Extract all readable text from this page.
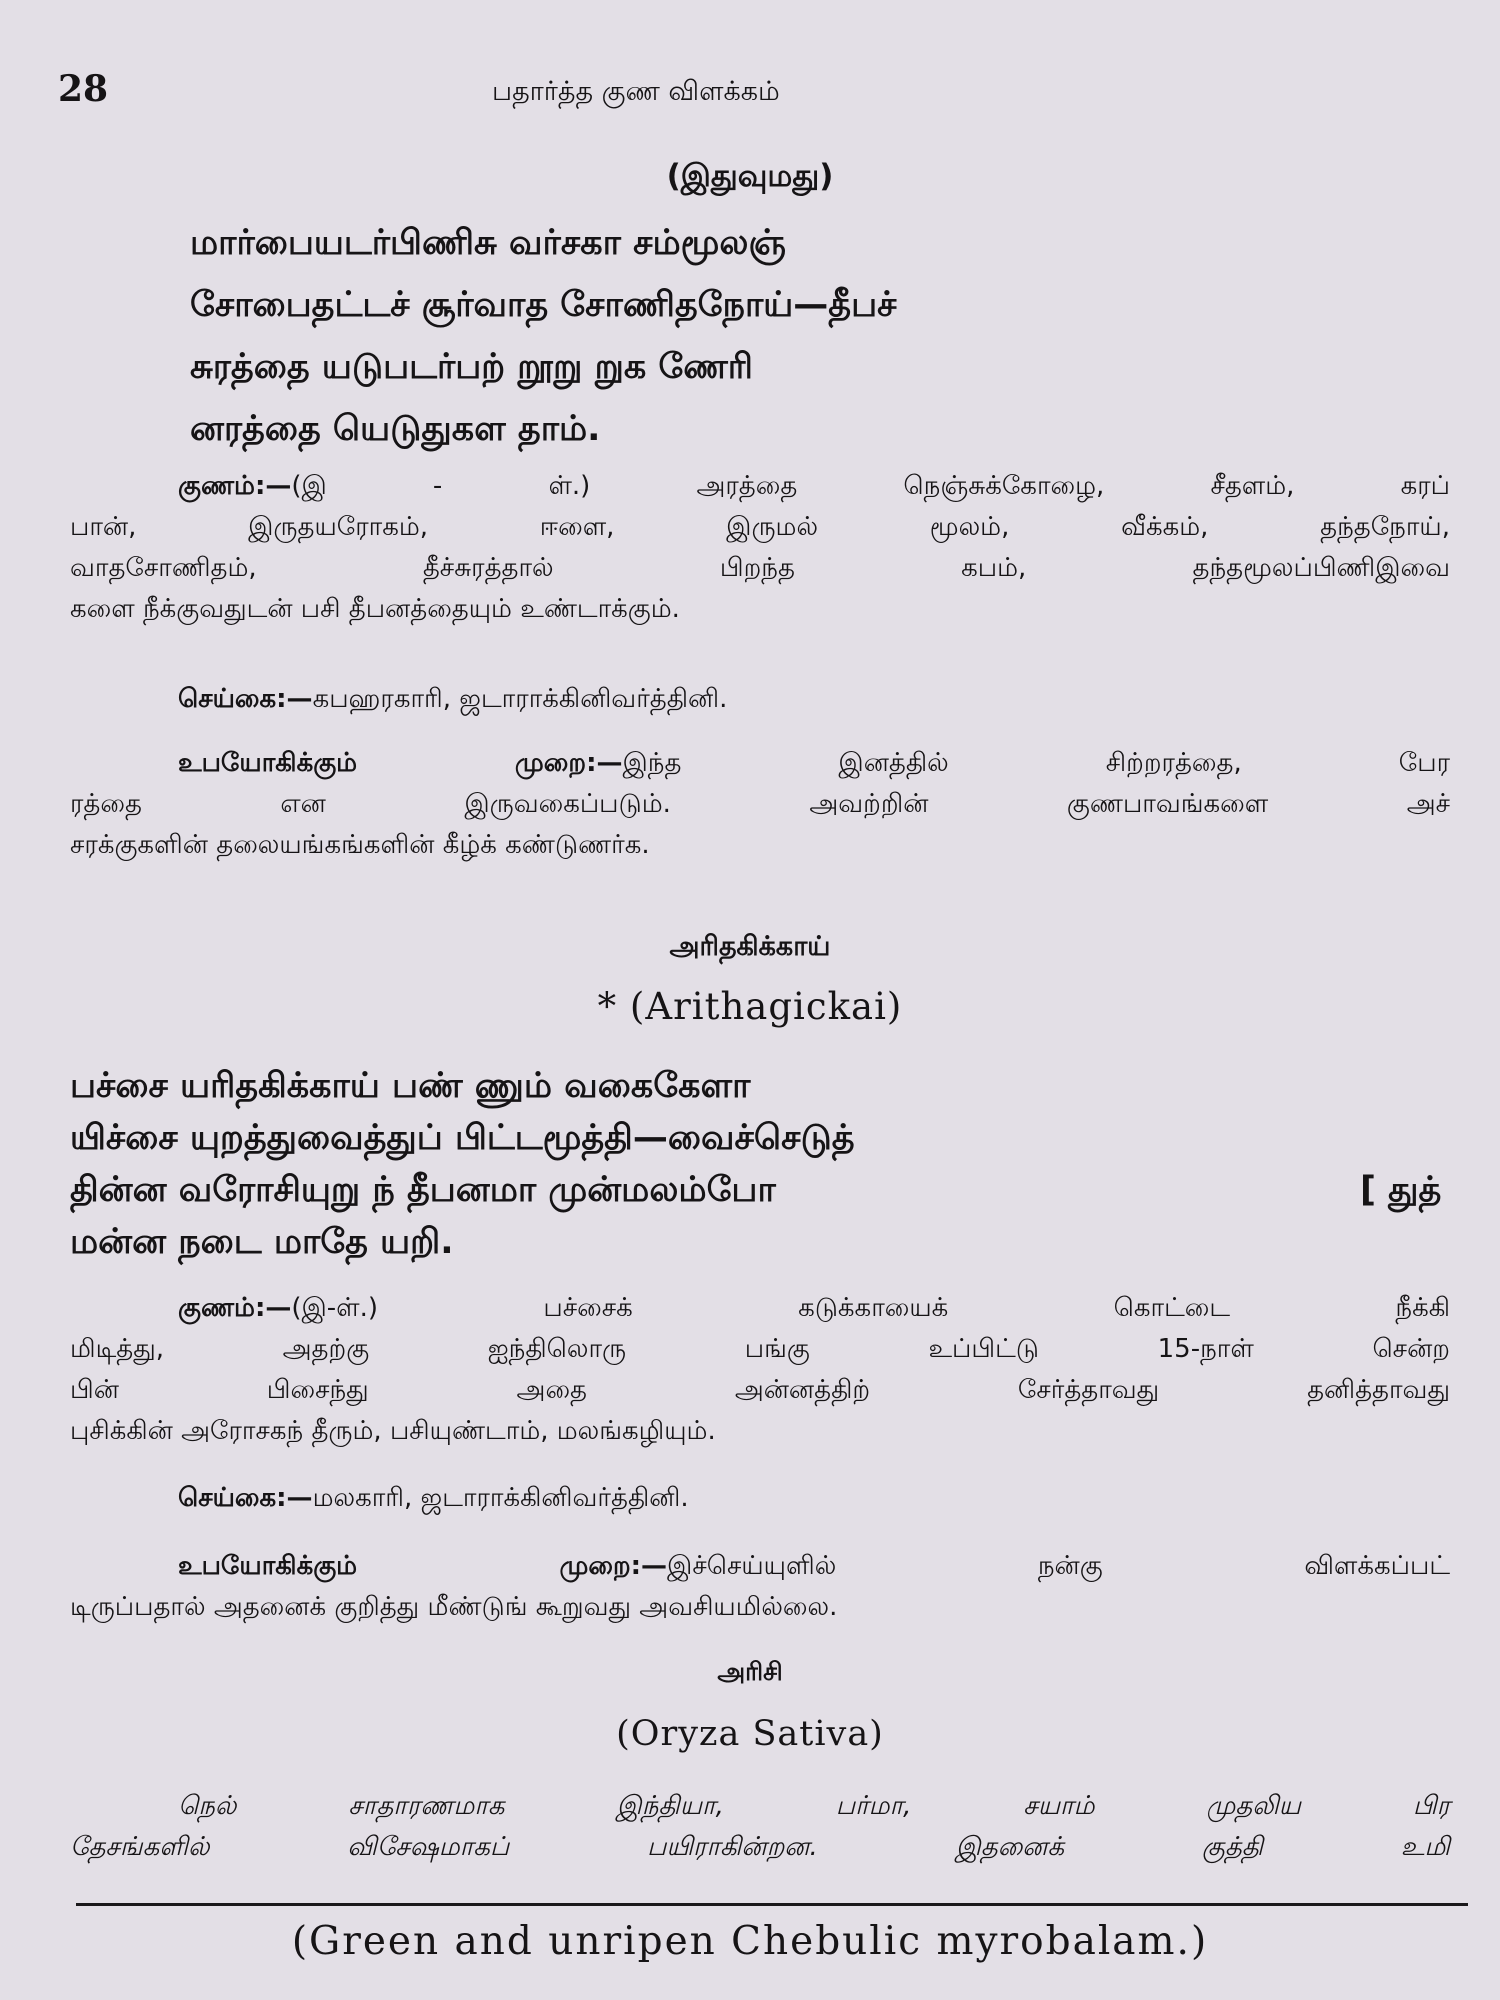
28	பதார்த்த குண விளக்கம்
(இதுவுமது)
மார்பையடர்பிணிசு வர்சகா சம்மூலஞ்
சோபைதட்டச் சூர்வாத சோணிதநோய்—தீபச்
சுரத்தை யடுபடர்பற் றூறு றுக ணேரி
னரத்தை யெடுதுகள தாம்.
குணம்:—(இ - ள்.) அரத்தை நெஞ்சுக்கோழை, சீதளம், கரப்
பான், இருதயரோகம், ஈளை, இருமல் மூலம், வீக்கம், தந்தநோய்,
வாதசோணிதம், தீச்சுரத்தால் பிறந்த கபம், தந்தமூலப்பிணிஇவை
களை நீக்குவதுடன் பசி தீபனத்தையும் உண்டாக்கும்.
செய்கை:—கபஹரகாரி, ஜடாராக்கினிவர்த்தினி.
உபயோகிக்கும் முறை:—இந்த இனத்தில் சிற்றரத்தை, பேர
ரத்தை என இருவகைப்படும். அவற்றின் குணபாவங்களை அச்
சரக்குகளின் தலையங்கங்களின் கீழ்க் கண்டுணர்க.
அரிதகிக்காய்
* (Arithagickai)
பச்சை யரிதகிக்காய் பண் ணும் வகைகேளா
யிச்சை யுறத்துவைத்துப் பிட்டமூத்தி—வைச்செடுத்
தின்ன வரோசியுறு ந் தீபனமா முன்மலம்போ
மன்ன நடை மாதே யறி.
[ துத்
குணம்:—(இ-ள்.) பச்சைக் கடுக்காயைக் கொட்டை நீக்கி
மிடித்து, அதற்கு ஐந்திலொரு பங்கு உப்பிட்டு 15-நாள் சென்ற
பின் பிசைந்து அதை அன்னத்திற் சேர்த்தாவது தனித்தாவது
புசிக்கின் அரோசகந் தீரும், பசியுண்டாம், மலங்கழியும்.
செய்கை:—மலகாரி, ஜடாராக்கினிவர்த்தினி.
உபயோகிக்கும் முறை:—இச்செய்யுளில் நன்கு விளக்கப்பட்
டிருப்பதால் அதனைக் குறித்து மீண்டுங் கூறுவது அவசியமில்லை.
அரிசி
(Oryza Sativa)
நெல் சாதாரணமாக இந்தியா, பர்மா, சயாம் முதலிய பிர
தேசங்களில் விசேஷமாகப் பயிராகின்றன. இதனைக் குத்தி உமி
(Green and unripen Chebulic myrobalam.)
